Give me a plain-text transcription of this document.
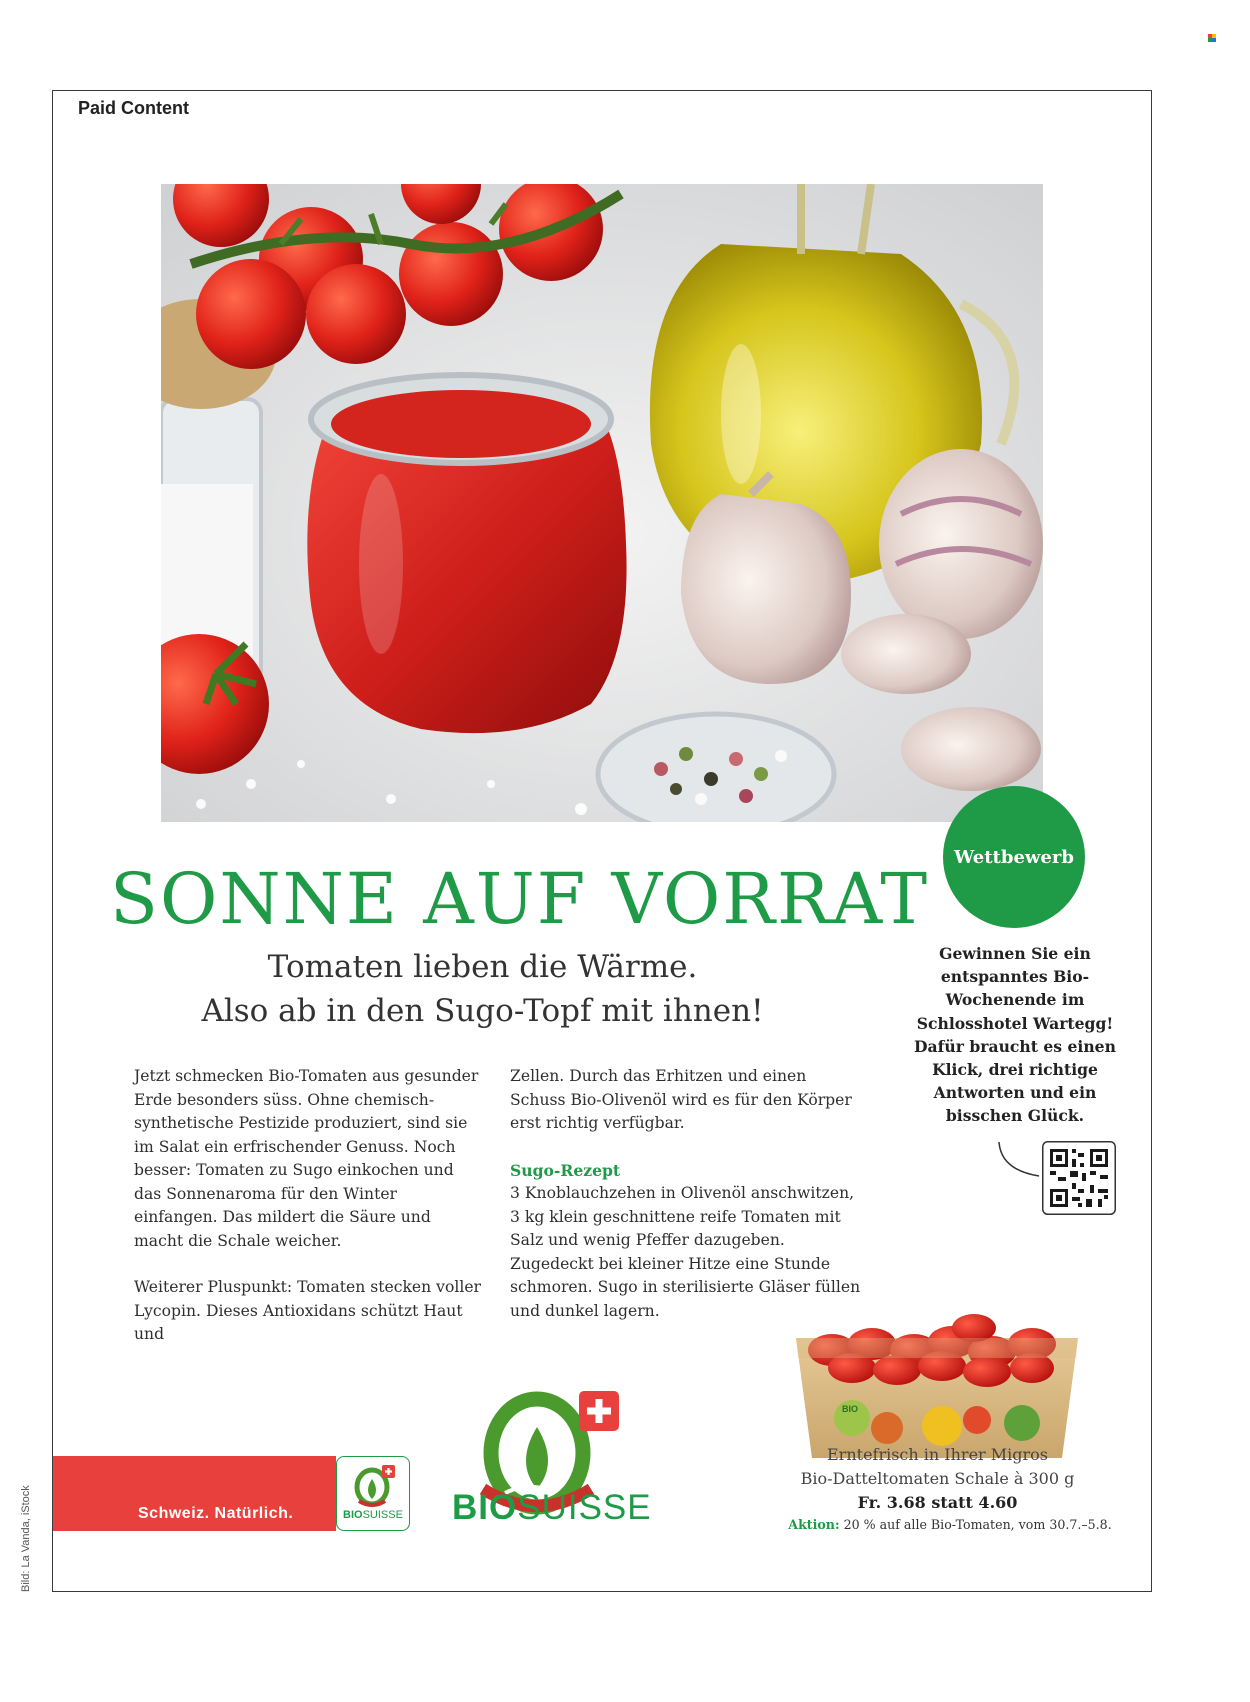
Paid Content
Bild: La Vanda, iStock
SONNE AUF VORRAT
Tomaten lieben die Wärme.
Also ab in den Sugo-Topf mit ihnen!

Jetzt schmecken Bio-Tomaten aus gesunder Erde besonders süss. Ohne chemisch-synthetische Pestizide produziert, sind sie im Salat ein erfrischender Genuss. Noch besser: Tomaten zu Sugo einkochen und das Sonnenaroma für den Winter einfangen. Das mildert die Säure und macht die Schale weicher.

Weiterer Pluspunkt: Tomaten stecken voller Lycopin. Dieses Antioxidans schützt Haut und

Zellen. Durch das Erhitzen und einen Schuss Bio-Olivenöl wird es für den Körper erst richtig verfügbar.

Sugo-Rezept

3 Knoblauchzehen in Olivenöl anschwitzen, 3 kg klein geschnittene reife Tomaten mit Salz und wenig Pfeffer dazugeben. Zugedeckt bei kleiner Hitze eine Stunde schmoren. Sugo in sterilisierte Gläser füllen und dunkel lagern.

Wettbewerb
Gewinnen Sie ein entspanntes Bio-Wochenende im Schlosshotel Wartegg! Dafür braucht es einen Klick, drei richtige Antworten und ein bisschen Glück.
BIO
Erntefrisch in Ihrer Migros
Bio-Datteltomaten Schale à 300 g
Fr. 3.68 statt 4.60
Aktion: 20 % auf alle Bio-Tomaten, vom 30.7.–5.8.
Schweiz. Natürlich.	BIOSUISSE BIOSUISSE
